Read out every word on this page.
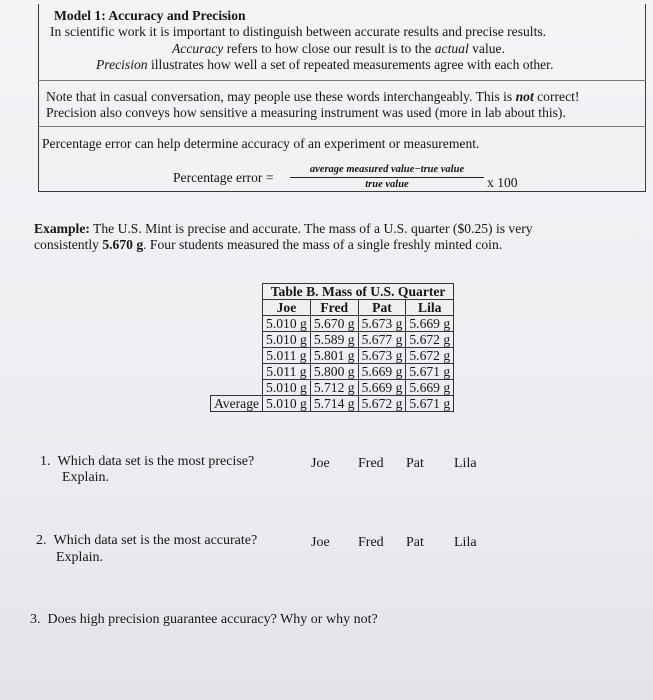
Model 1: Accuracy and Precision
In scientific work it is important to distinguish between accurate results and precise results.
Accuracy refers to how close our result is to the actual value.
Precision illustrates how well a set of repeated measurements agree with each other.
Note that in casual conversation, may people use these words interchangeably. This is not correct!
Precision also conveys how sensitive a measuring instrument was used (more in lab about this).
Percentage error can help determine accuracy of an experiment or measurement.
Percentage error =
average measured value−true value
true value	x 100
Example: The U.S. Mint is precise and accurate. The mass of a U.S. quarter ($0.25) is very
consistently 5.670 g. Four students measured the mass of a single freshly minted coin.
	Table B. Mass of U.S. Quarter			
	Joe	Fred	Pat	Lila
	5.010 g	5.670 g	5.673 g	5.669 g
	5.010 g	5.589 g	5.677 g	5.672 g
	5.011 g	5.801 g	5.673 g	5.672 g
	5.011 g	5.800 g	5.669 g	5.671 g
	5.010 g	5.712 g	5.669 g	5.669 g
Average	5.010 g	5.714 g	5.672 g	5.671 g
1. Which data set is the most precise?	Joe Fred Pat Lila
Explain.
2. Which data set is the most accurate?	Joe Fred Pat Lila
Explain.
3. Does high precision guarantee accuracy? Why or why not?
